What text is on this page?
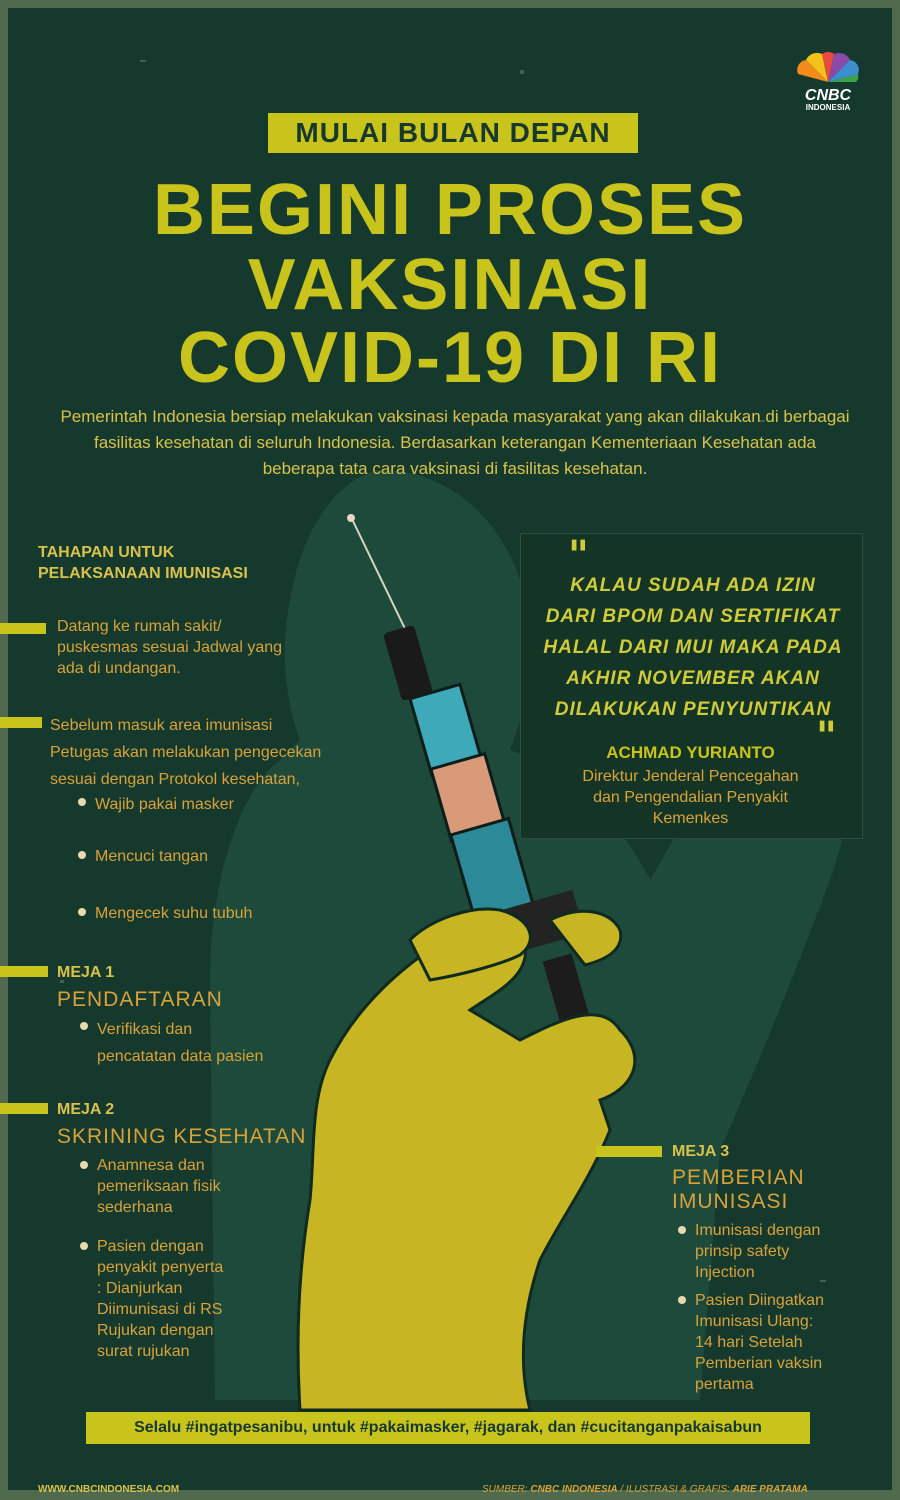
CNBC
INDONESIA
MULAI BULAN DEPAN
BEGINI PROSES
VAKSINASI
COVID-19 DI RI
Pemerintah Indonesia bersiap melakukan vaksinasi kepada masyarakat yang akan dilakukan di berbagai fasilitas kesehatan di seluruh Indonesia. Berdasarkan keterangan Kementeriaan Kesehatan ada beberapa tata cara vaksinasi di fasilitas kesehatan.
TAHAPAN UNTUK
PELAKSANAAN IMUNISASI
Datang ke rumah sakit/
puskesmas sesuai Jadwal yang
ada di undangan.
Sebelum masuk area imunisasi
Petugas akan melakukan pengecekan
sesuai dengan Protokol kesehatan,
Wajib pakai masker
Mencuci tangan
Mengecek suhu tubuh
MEJA 1
PENDAFTARAN
Verifikasi dan
pencatatan data pasien
MEJA 2
SKRINING KESEHATAN
Anamnesa dan
pemeriksaan fisik
sederhana
Pasien dengan
penyakit penyerta
: Dianjurkan
Diimunisasi di RS
Rujukan dengan
surat rujukan
MEJA 3
PEMBERIAN
IMUNISASI
Imunisasi dengan
prinsip safety
Injection
Pasien Diingatkan
Imunisasi Ulang:
14 hari Setelah
Pemberian vaksin
pertama
"
KALAU SUDAH ADA IZIN
DARI BPOM DAN SERTIFIKAT
HALAL DARI MUI MAKA PADA
AKHIR NOVEMBER AKAN
DILAKUKAN PENYUNTIKAN
"
ACHMAD YURIANTO
Direktur Jenderal Pencegahan
dan Pengendalian Penyakit
Kemenkes
Selalu #ingatpesanibu, untuk #pakaimasker, #jagarak, dan #cucitanganpakaisabun
WWW.CNBCINDONESIA.COM	SUMBER: CNBC INDONESIA / ILUSTRASI & GRAFIS: ARIE PRATAMA
